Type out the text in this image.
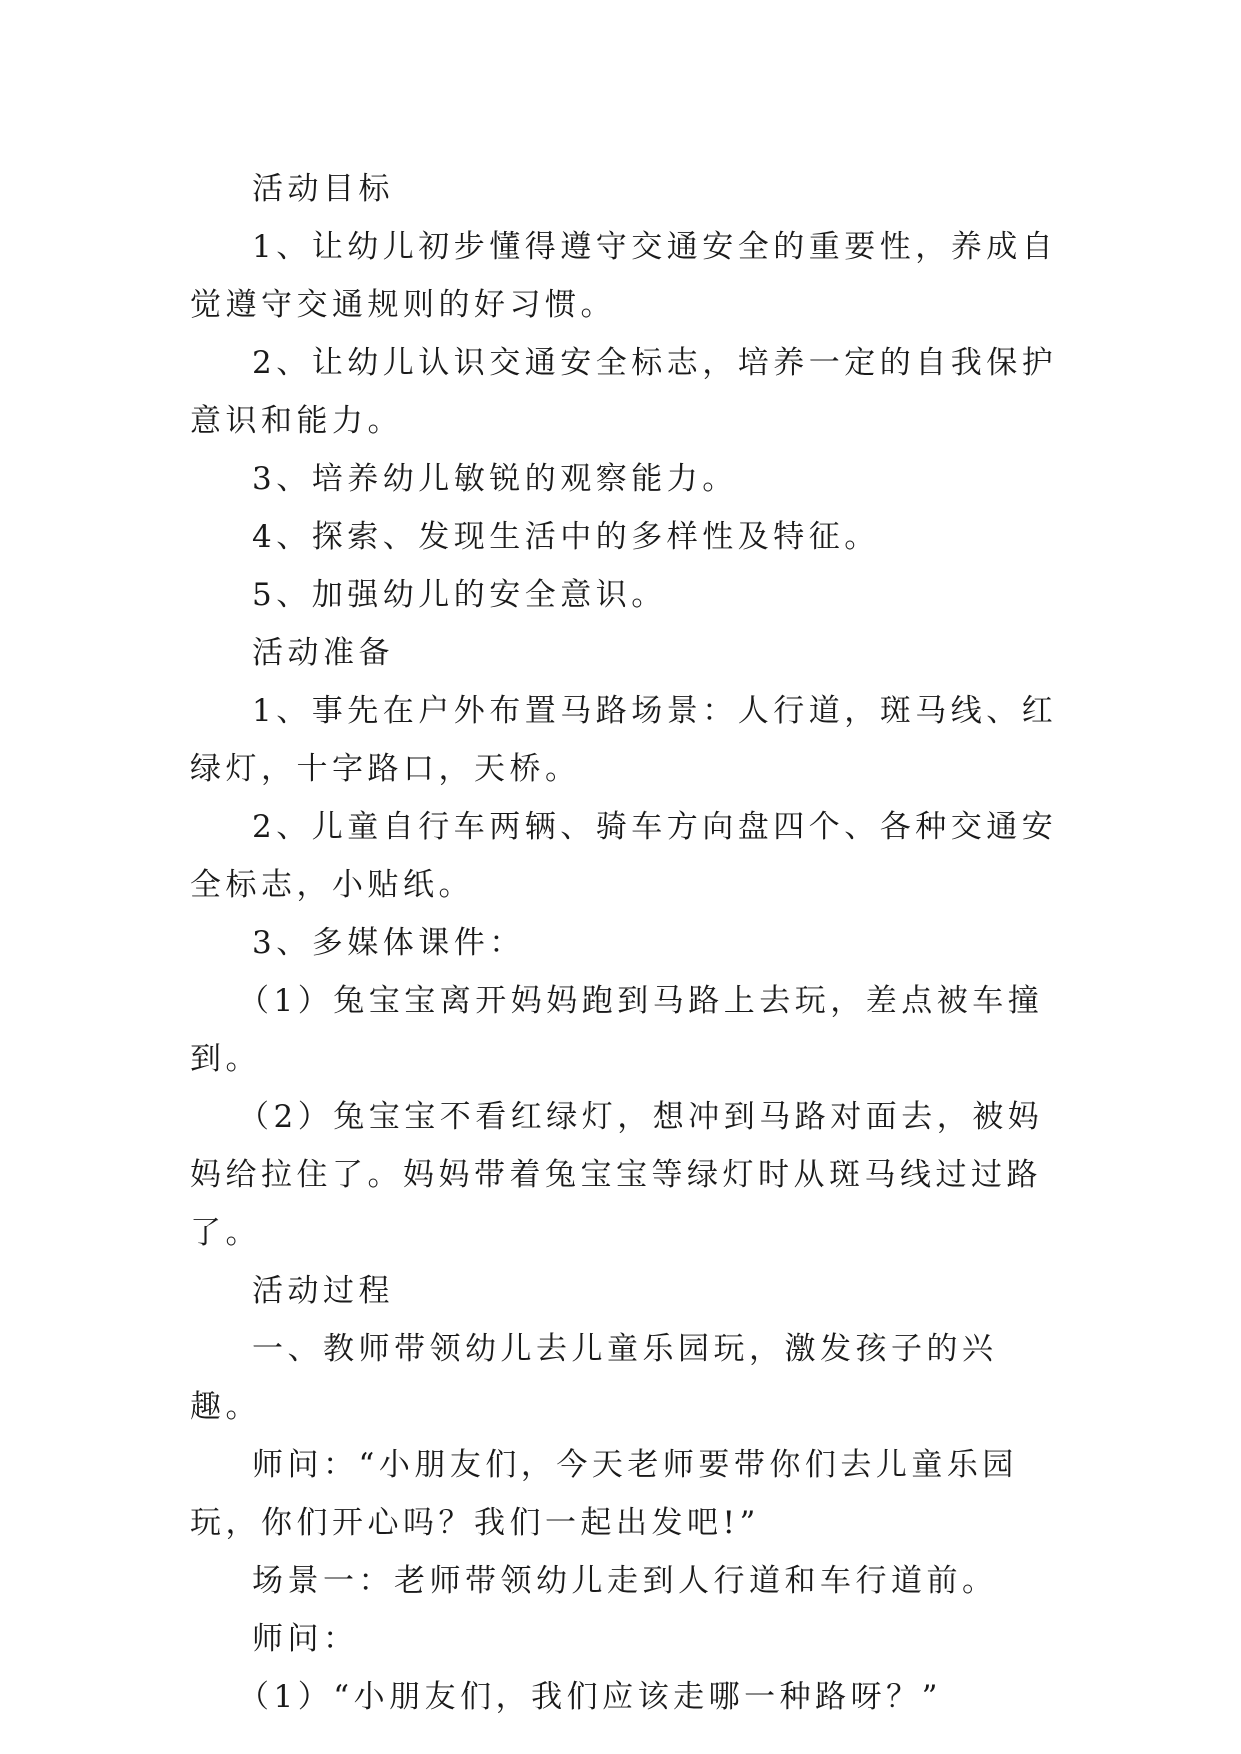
活动目标

1、让幼儿初步懂得遵守交通安全的重要性，养成自觉遵守交通规则的好习惯。

2、让幼儿认识交通安全标志，培养一定的自我保护意识和能力。

3、培养幼儿敏锐的观察能力。

4、探索、发现生活中的多样性及特征。

5、加强幼儿的安全意识。

活动准备

1、事先在户外布置马路场景：人行道，斑马线、红绿灯，十字路口，天桥。

2、儿童自行车两辆、骑车方向盘四个、各种交通安全标志，小贴纸。

3、多媒体课件：

（1）兔宝宝离开妈妈跑到马路上去玩，差点被车撞到。

（2）兔宝宝不看红绿灯，想冲到马路对面去，被妈妈给拉住了。妈妈带着兔宝宝等绿灯时从斑马线过过路了。

活动过程

一、教师带领幼儿去儿童乐园玩，激发孩子的兴趣。

师问：“小朋友们，今天老师要带你们去儿童乐园玩，你们开心吗？我们一起出发吧!”

场景一：老师带领幼儿走到人行道和车行道前。

师问：

（1）“小朋友们，我们应该走哪一种路呀？”
